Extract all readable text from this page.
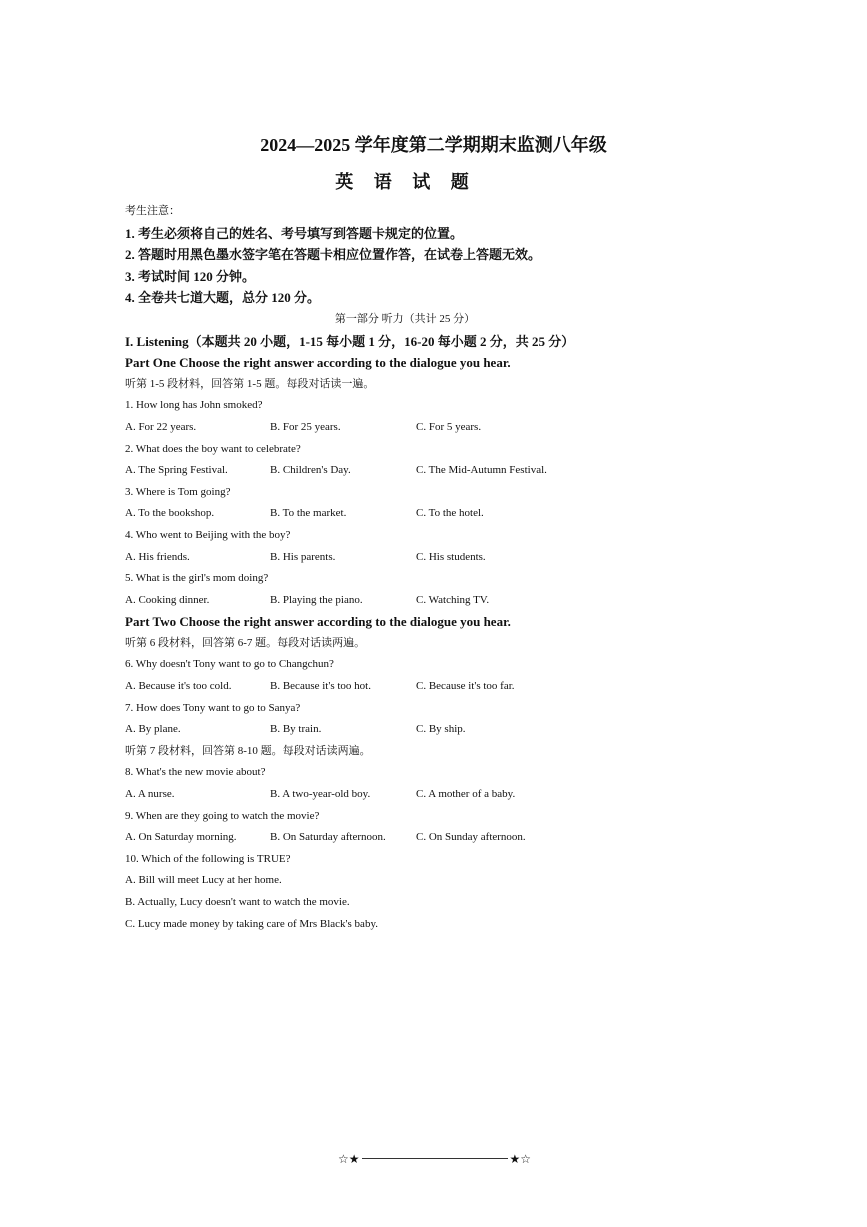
2024—2025 学年度第二学期期末监测八年级
英 语 试 题
考生注意：
1. 考生必须将自己的姓名、考号填写到答题卡规定的位置。
2. 答题时用黑色墨水签字笔在答题卡相应位置作答，在试卷上答题无效。
3. 考试时间 120 分钟。
4. 全卷共七道大题，总分 120 分。
第一部分 听力（共计 25 分）
I. Listening（本题共 20 小题，1-15 每小题 1 分，16-20 每小题 2 分，共 25 分）
Part One Choose the right answer according to the dialogue you hear.
听第 1-5 段材料，回答第 1-5 题。每段对话读一遍。
1. How long has John smoked?
A. For 22 years.	B. For 25 years.	C. For 5 years.
2. What does the boy want to celebrate?
A. The Spring Festival.	B. Children's Day.	C. The Mid-Autumn Festival.
3. Where is Tom going?
A. To the bookshop.	B. To the market.	C. To the hotel.
4. Who went to Beijing with the boy?
A. His friends.	B. His parents.	C. His students.
5. What is the girl's mom doing?
A. Cooking dinner.	B. Playing the piano.	C. Watching TV.
Part Two Choose the right answer according to the dialogue you hear.
听第 6 段材料，回答第 6-7 题。每段对话读两遍。
6. Why doesn't Tony want to go to Changchun?
A. Because it's too cold.	B. Because it's too hot.	C. Because it's too far.
7. How does Tony want to go to Sanya?
A. By plane.	B. By train.	C. By ship.
听第 7 段材料，回答第 8-10 题。每段对话读两遍。
8. What's the new movie about?
A. A nurse.	B. A two-year-old boy.	C. A mother of a baby.
9. When are they going to watch the movie?
A. On Saturday morning.	B. On Saturday afternoon.	C. On Sunday afternoon.
10. Which of the following is TRUE?
A. Bill will meet Lucy at her home.
B. Actually, Lucy doesn't want to watch the movie.
C. Lucy made money by taking care of Mrs Black's baby.
☆★	★☆
